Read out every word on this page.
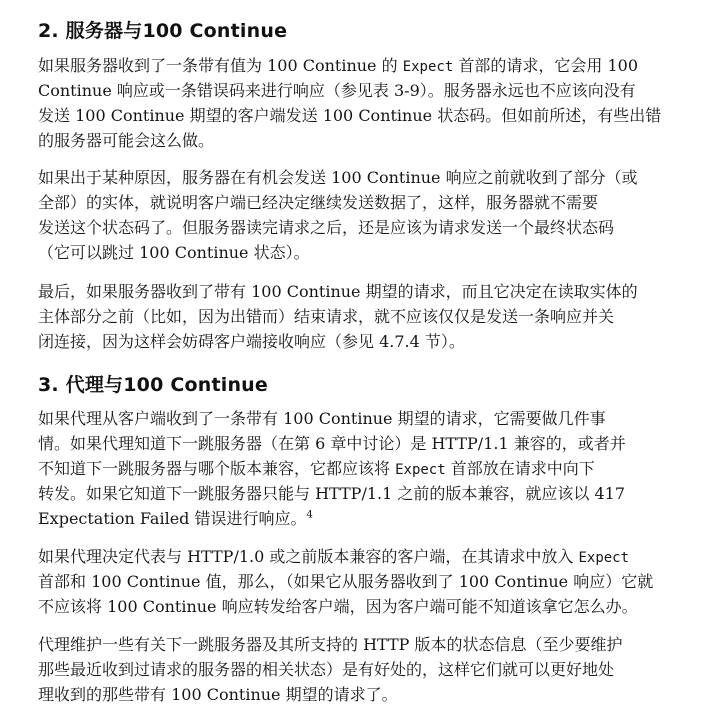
2. 服务器与100 Continue
如果服务器收到了一条带有值为 100 Continue 的 Expect 首部的请求，它会用 100
Continue 响应或一条错误码来进行响应（参见表 3-9）。服务器永远也不应该向没有
发送 100 Continue 期望的客户端发送 100 Continue 状态码。但如前所述，有些出错
的服务器可能会这么做。
如果出于某种原因，服务器在有机会发送 100 Continue 响应之前就收到了部分（或
全部）的实体，就说明客户端已经决定继续发送数据了，这样，服务器就不需要
发送这个状态码了。但服务器读完请求之后，还是应该为请求发送一个最终状态码
（它可以跳过 100 Continue 状态）。
最后，如果服务器收到了带有 100 Continue 期望的请求，而且它决定在读取实体的
主体部分之前（比如，因为出错而）结束请求，就不应该仅仅是发送一条响应并关
闭连接，因为这样会妨碍客户端接收响应（参见 4.7.4 节）。
3. 代理与100 Continue
如果代理从客户端收到了一条带有 100 Continue 期望的请求，它需要做几件事
情。如果代理知道下一跳服务器（在第 6 章中讨论）是 HTTP/1.1 兼容的，或者并
不知道下一跳服务器与哪个版本兼容，它都应该将 Expect 首部放在请求中向下
转发。如果它知道下一跳服务器只能与 HTTP/1.1 之前的版本兼容，就应该以 417
Expectation Failed 错误进行响应。$^4$
如果代理决定代表与 HTTP/1.0 或之前版本兼容的客户端，在其请求中放入 Expect
首部和 100 Continue 值，那么，（如果它从服务器收到了 100 Continue 响应）它就
不应该将 100 Continue 响应转发给客户端，因为客户端可能不知道该拿它怎么办。
代理维护一些有关下一跳服务器及其所支持的 HTTP 版本的状态信息（至少要维护
那些最近收到过请求的服务器的相关状态）是有好处的，这样它们就可以更好地处
理收到的那些带有 100 Continue 期望的请求了。
